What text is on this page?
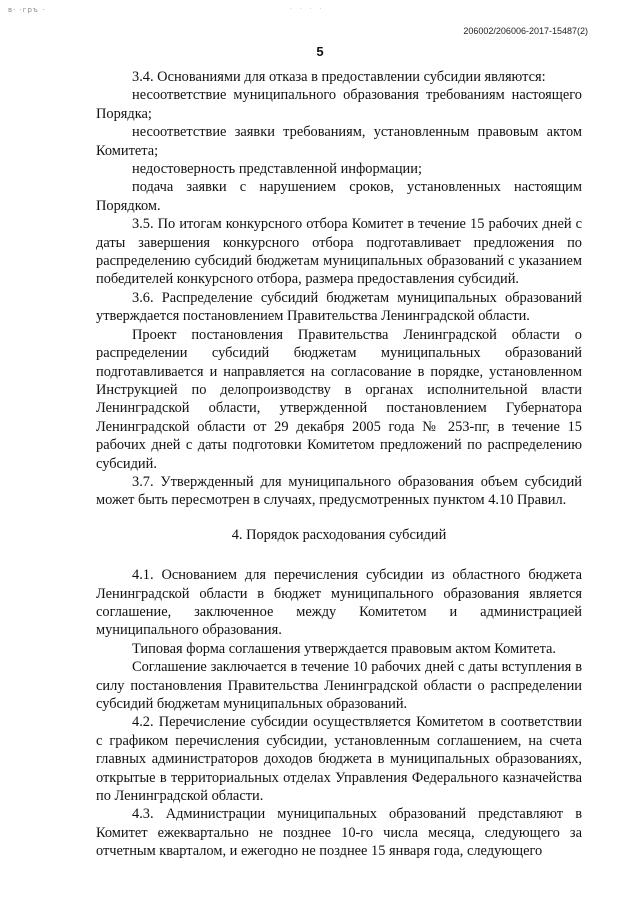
в· ·гръ ·	· · · ·
206002/206006-2017-15487(2)
5

3.4. Основаниями для отказа в предоставлении субсидии являются:

несоответствие муниципального образования требованиям настоящего Порядка;

несоответствие заявки требованиям, установленным правовым актом Комитета;

недостоверность представленной информации;

подача заявки с нарушением сроков, установленных настоящим Порядком.

3.5. По итогам конкурсного отбора Комитет в течение 15 рабочих дней с даты завершения конкурсного отбора подготавливает предложения по распределению субсидий бюджетам муниципальных образований с указанием победителей конкурсного отбора, размера предоставления субсидий.

3.6. Распределение субсидий бюджетам муниципальных образований утверждается постановлением Правительства Ленинградской области.

Проект постановления Правительства Ленинградской области о распределении субсидий бюджетам муниципальных образований подготавливается и направляется на согласование в порядке, установленном Инструкцией по делопроизводству в органах исполнительной власти Ленинградской области, утвержденной постановлением Губернатора Ленинградской области от 29 декабря 2005 года № 253-пг, в течение 15 рабочих дней с даты подготовки Комитетом предложений по распределению субсидий.

3.7. Утвержденный для муниципального образования объем субсидий может быть пересмотрен в случаях, предусмотренных пунктом 4.10 Правил.

4. Порядок расходования субсидий

4.1. Основанием для перечисления субсидии из областного бюджета Ленинградской области в бюджет муниципального образования является соглашение, заключенное между Комитетом и администрацией муниципального образования.

Типовая форма соглашения утверждается правовым актом Комитета.

Соглашение заключается в течение 10 рабочих дней с даты вступления в силу постановления Правительства Ленинградской области о распределении субсидий бюджетам муниципальных образований.

4.2. Перечисление субсидии осуществляется Комитетом в соответствии с графиком перечисления субсидии, установленным соглашением, на счета главных администраторов доходов бюджета в муниципальных образованиях, открытые в территориальных отделах Управления Федерального казначейства по Ленинградской области.

4.3. Администрации муниципальных образований представляют в Комитет ежеквартально не позднее 10-го числа месяца, следующего за отчетным кварталом, и ежегодно не позднее 15 января года, следующего
